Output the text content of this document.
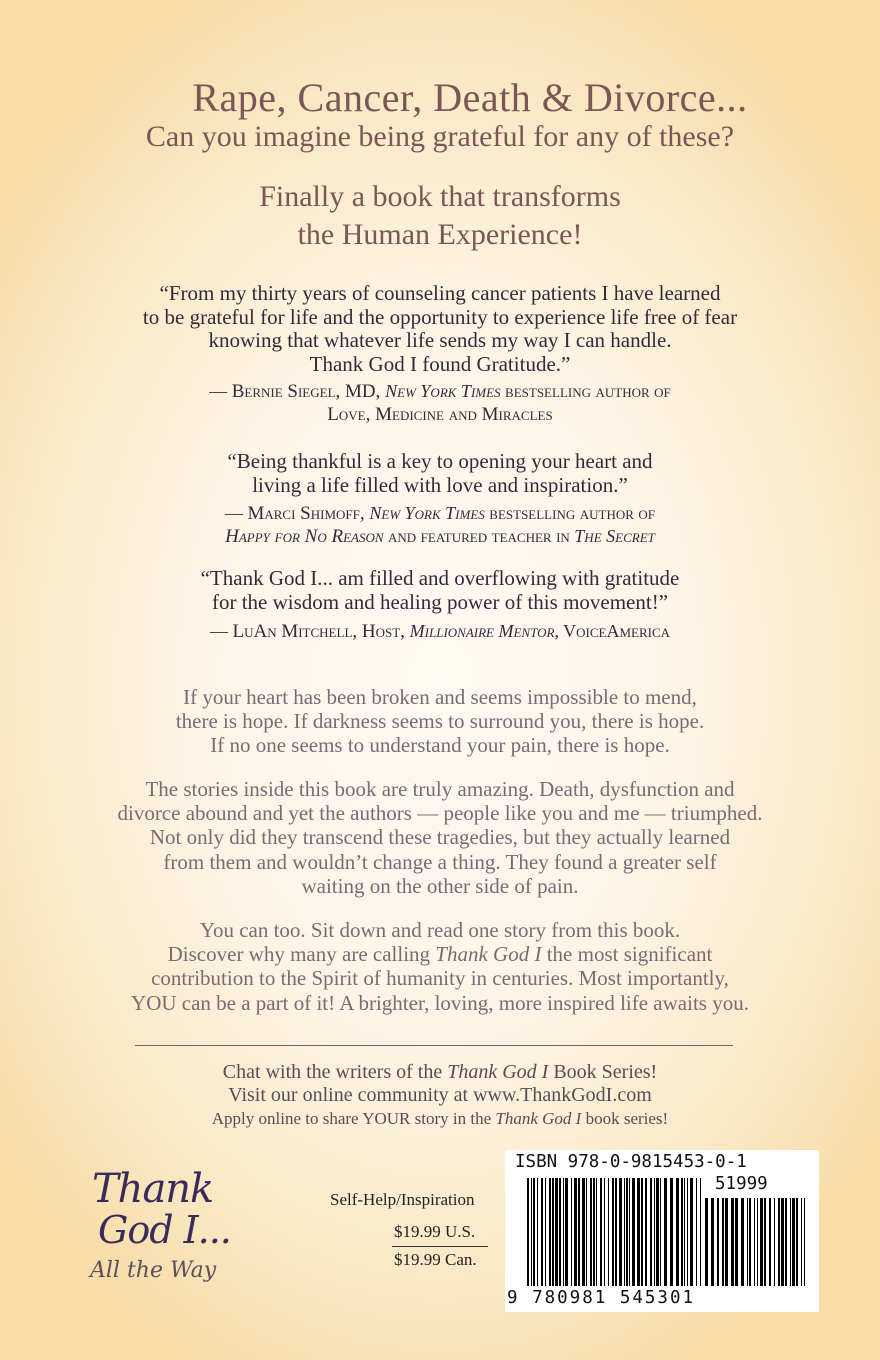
Rape, Cancer, Death & Divorce...
Can you imagine being grateful for any of these?
Finally a book that transforms
the Human Experience!
“From my thirty years of counseling cancer patients I have learned
to be grateful for life and the opportunity to experience life free of fear
knowing that whatever life sends my way I can handle.
Thank God I found Gratitude.”
— Bernie Siegel, MD, New York Times bestselling author of
Love, Medicine and Miracles
“Being thankful is a key to opening your heart and
living a life filled with love and inspiration.”
— Marci Shimoff, New York Times bestselling author of
Happy for No Reason and featured teacher in The Secret
“Thank God I... am filled and overflowing with gratitude
for the wisdom and healing power of this movement!”
— LuAn Mitchell, Host, Millionaire Mentor, VoiceAmerica
If your heart has been broken and seems impossible to mend,
there is hope. If darkness seems to surround you, there is hope.
If no one seems to understand your pain, there is hope.
The stories inside this book are truly amazing. Death, dysfunction and
divorce abound and yet the authors — people like you and me — triumphed.
Not only did they transcend these tragedies, but they actually learned
from them and wouldn’t change a thing. They found a greater self
waiting on the other side of pain.
You can too. Sit down and read one story from this book.
Discover why many are calling Thank God I the most significant
contribution to the Spirit of humanity in centuries. Most importantly,
YOU can be a part of it! A brighter, loving, more inspired life awaits you.
Chat with the writers of the Thank God I Book Series!
Visit our online community at www.ThankGodI.com
Apply online to share YOUR story in the Thank God I book series!
Thank
God I...
All the Way
Self-Help/Inspiration
$19.99 U.S.
$19.99 Can.
ISBN 978-0-9815453-0-1
51999
9 780981 545301
